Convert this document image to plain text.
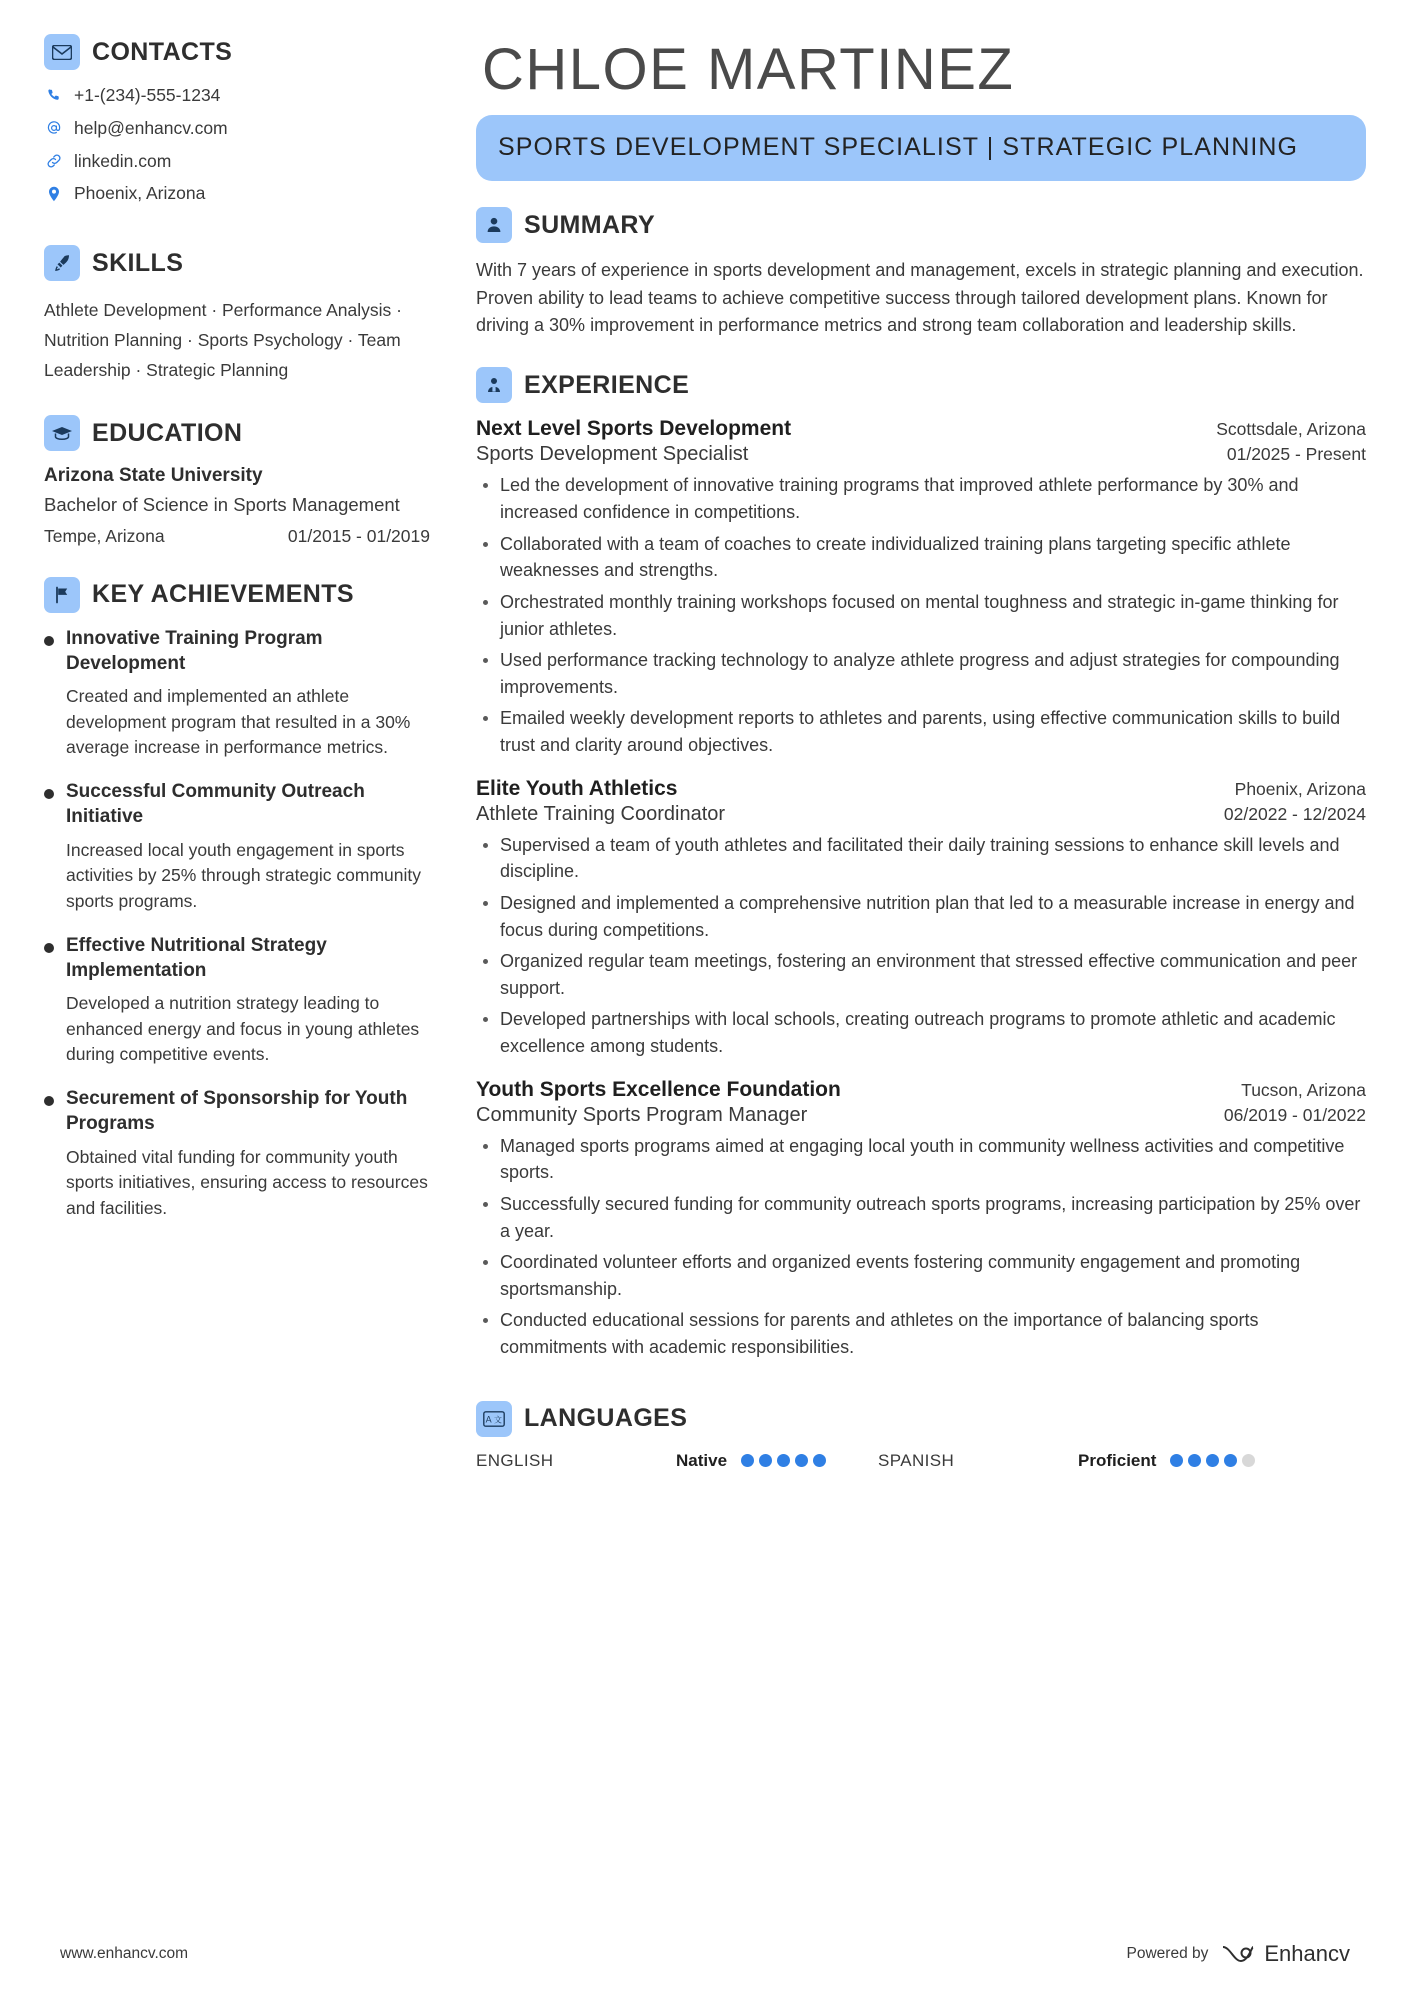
CONTACTS
+1-(234)-555-1234
help@enhancv.com
linkedin.com
Phoenix, Arizona
SKILLS
Athlete Development · Performance Analysis · Nutrition Planning · Sports Psychology · Team Leadership · Strategic Planning
EDUCATION
Arizona State University
Bachelor of Science in Sports Management
Tempe, Arizona	01/2015 - 01/2019
KEY ACHIEVEMENTS
Innovative Training Program Development
Created and implemented an athlete development program that resulted in a 30% average increase in performance metrics.
Successful Community Outreach Initiative
Increased local youth engagement in sports activities by 25% through strategic community sports programs.
Effective Nutritional Strategy Implementation
Developed a nutrition strategy leading to enhanced energy and focus in young athletes during competitive events.
Securement of Sponsorship for Youth Programs
Obtained vital funding for community youth sports initiatives, ensuring access to resources and facilities.
CHLOE MARTINEZ
SPORTS DEVELOPMENT SPECIALIST | STRATEGIC PLANNING
SUMMARY
With 7 years of experience in sports development and management, excels in strategic planning and execution. Proven ability to lead teams to achieve competitive success through tailored development plans. Known for driving a 30% improvement in performance metrics and strong team collaboration and leadership skills.
EXPERIENCE
Next Level Sports Development	Scottsdale, Arizona
Sports Development Specialist	01/2025 - Present
Led the development of innovative training programs that improved athlete performance by 30% and increased confidence in competitions.
Collaborated with a team of coaches to create individualized training plans targeting specific athlete weaknesses and strengths.
Orchestrated monthly training workshops focused on mental toughness and strategic in-game thinking for junior athletes.
Used performance tracking technology to analyze athlete progress and adjust strategies for compounding improvements.
Emailed weekly development reports to athletes and parents, using effective communication skills to build trust and clarity around objectives.
Elite Youth Athletics	Phoenix, Arizona
Athlete Training Coordinator	02/2022 - 12/2024
Supervised a team of youth athletes and facilitated their daily training sessions to enhance skill levels and discipline.
Designed and implemented a comprehensive nutrition plan that led to a measurable increase in energy and focus during competitions.
Organized regular team meetings, fostering an environment that stressed effective communication and peer support.
Developed partnerships with local schools, creating outreach programs to promote athletic and academic excellence among students.
Youth Sports Excellence Foundation	Tucson, Arizona
Community Sports Program Manager	06/2019 - 01/2022
Managed sports programs aimed at engaging local youth in community wellness activities and competitive sports.
Successfully secured funding for community outreach sports programs, increasing participation by 25% over a year.
Coordinated volunteer efforts and organized events fostering community engagement and promoting sportsmanship.
Conducted educational sessions for parents and athletes on the importance of balancing sports commitments with academic responsibilities.
A 文 LANGUAGES
ENGLISH	Native	SPANISH	Proficient
www.enhancv.com	Powered by	Enhancv
